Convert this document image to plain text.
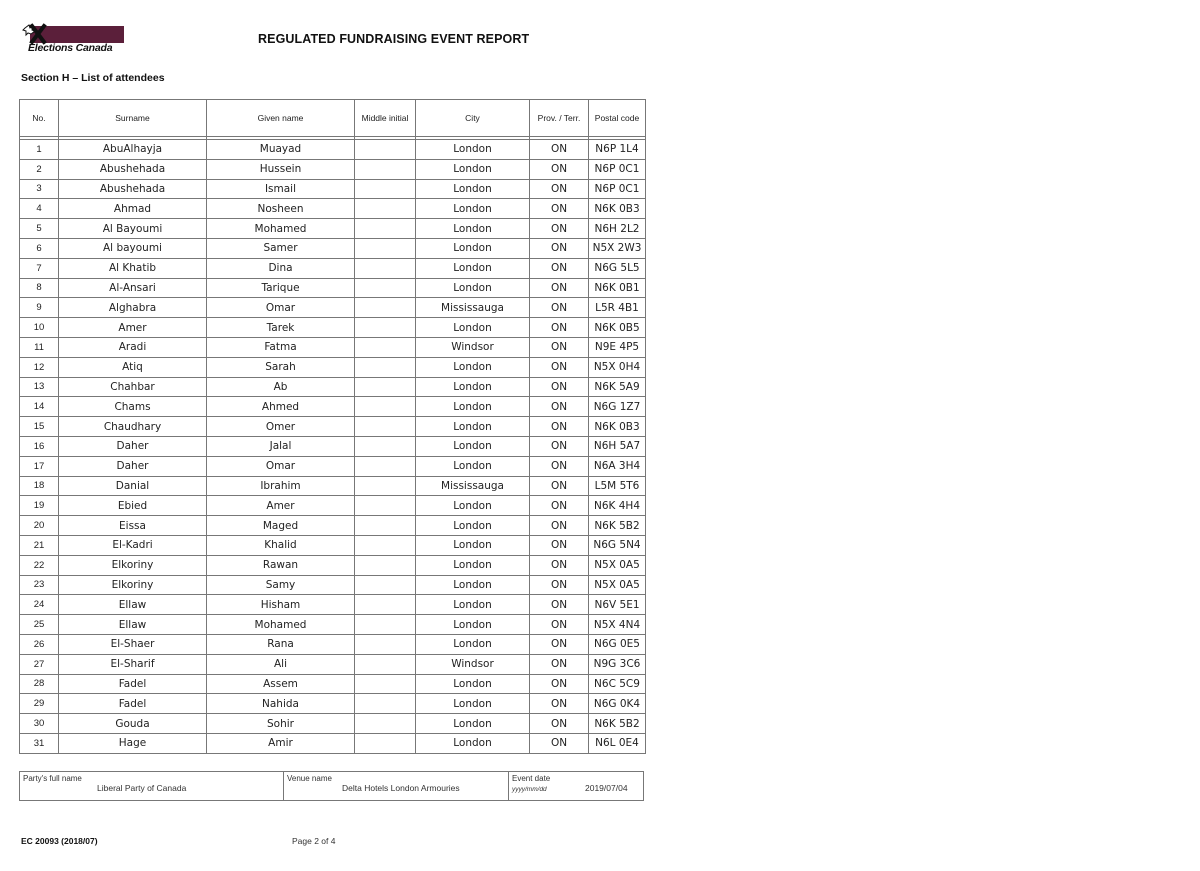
Elections Canada
REGULATED FUNDRAISING EVENT REPORT
Section H – List of attendees
No.	Surname	Given name	Middle initial	City	Prov. / Terr.	Postal code

1	AbuAlhayja	Muayad		London	ON	N6P 1L4
2	Abushehada	Hussein		London	ON	N6P 0C1
3	Abushehada	Ismail		London	ON	N6P 0C1
4	Ahmad	Nosheen		London	ON	N6K 0B3
5	Al Bayoumi	Mohamed		London	ON	N6H 2L2
6	Al bayoumi	Samer		London	ON	N5X 2W3
7	Al Khatib	Dina		London	ON	N6G 5L5
8	Al-Ansari	Tarique		London	ON	N6K 0B1
9	Alghabra	Omar		Mississauga	ON	L5R 4B1
10	Amer	Tarek		London	ON	N6K 0B5
11	Aradi	Fatma		Windsor	ON	N9E 4P5
12	Atiq	Sarah		London	ON	N5X 0H4
13	Chahbar	Ab		London	ON	N6K 5A9
14	Chams	Ahmed		London	ON	N6G 1Z7
15	Chaudhary	Omer		London	ON	N6K 0B3
16	Daher	Jalal		London	ON	N6H 5A7
17	Daher	Omar		London	ON	N6A 3H4
18	Danial	Ibrahim		Mississauga	ON	L5M 5T6
19	Ebied	Amer		London	ON	N6K 4H4
20	Eissa	Maged		London	ON	N6K 5B2
21	El-Kadri	Khalid		London	ON	N6G 5N4
22	Elkoriny	Rawan		London	ON	N5X 0A5
23	Elkoriny	Samy		London	ON	N5X 0A5
24	Ellaw	Hisham		London	ON	N6V 5E1
25	Ellaw	Mohamed		London	ON	N5X 4N4
26	El-Shaer	Rana		London	ON	N6G 0E5
27	El-Sharif	Ali		Windsor	ON	N9G 3C6
28	Fadel	Assem		London	ON	N6C 5C9
29	Fadel	Nahida		London	ON	N6G 0K4
30	Gouda	Sohir		London	ON	N6K 5B2
31	Hage	Amir		London	ON	N6L 0E4
Party's full name
Liberal Party of Canada
Venue name
Delta Hotels London Armouries
Event date
yyyy/mm/dd	2019/07/04
EC 20093 (2018/07)	Page 2 of 4
